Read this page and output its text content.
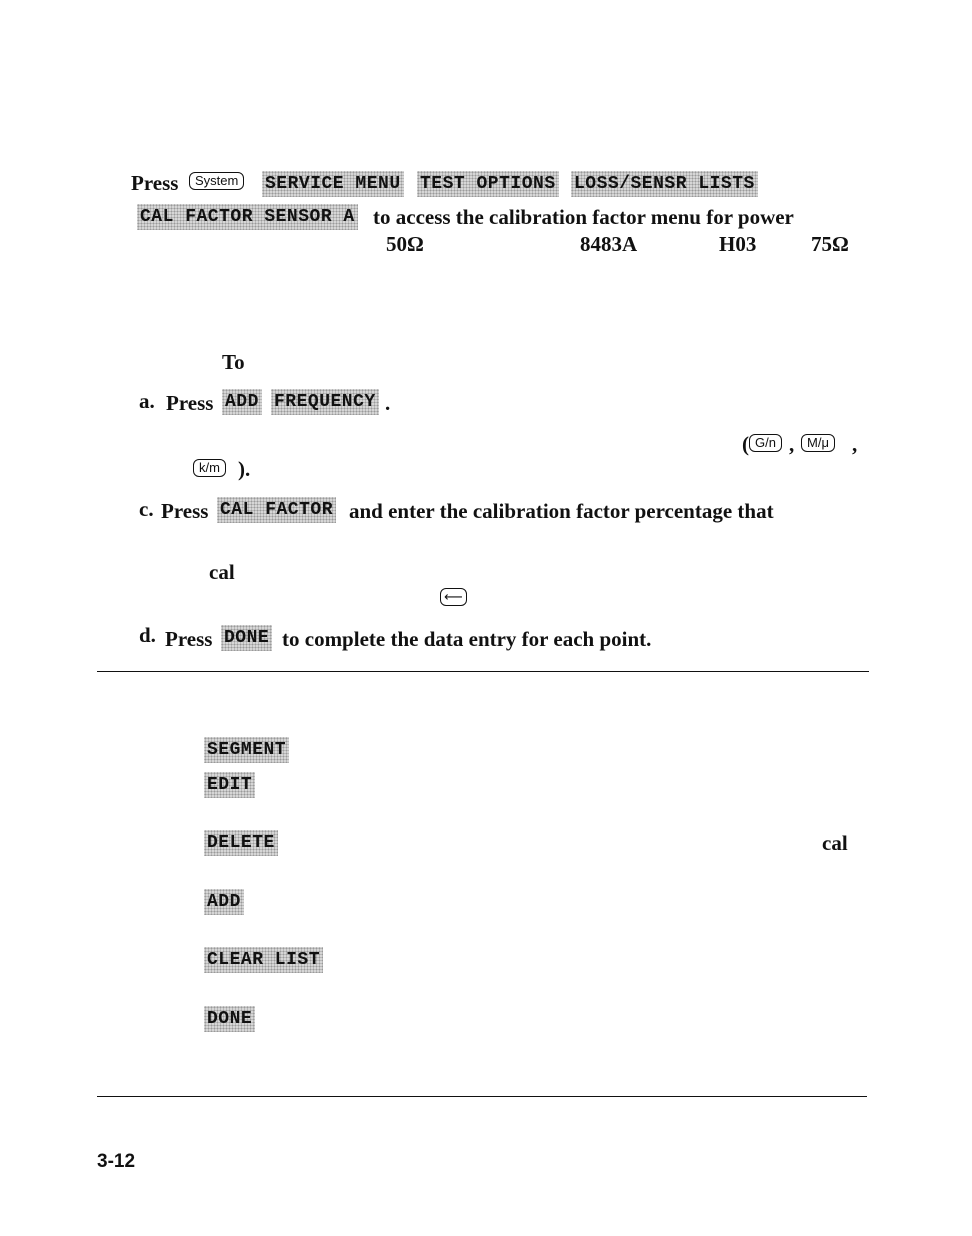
Press	System	SERVICE MENU TEST OPTIONS LOSS/SENSR LISTS
CAL FACTOR SENSOR A to access the calibration factor menu for power
50Ω	8483A	H03	75Ω
To
a. Press ADD FREQUENCY .
( G/n , M/μ ,
k/m ).
c. Press CAL FACTOR and enter the calibration factor percentage that
cal
⟵
d. Press DONE to complete the data entry for each point.
SEGMENT
EDIT
DELETE	cal
ADD
CLEAR LIST
DONE
3-12
